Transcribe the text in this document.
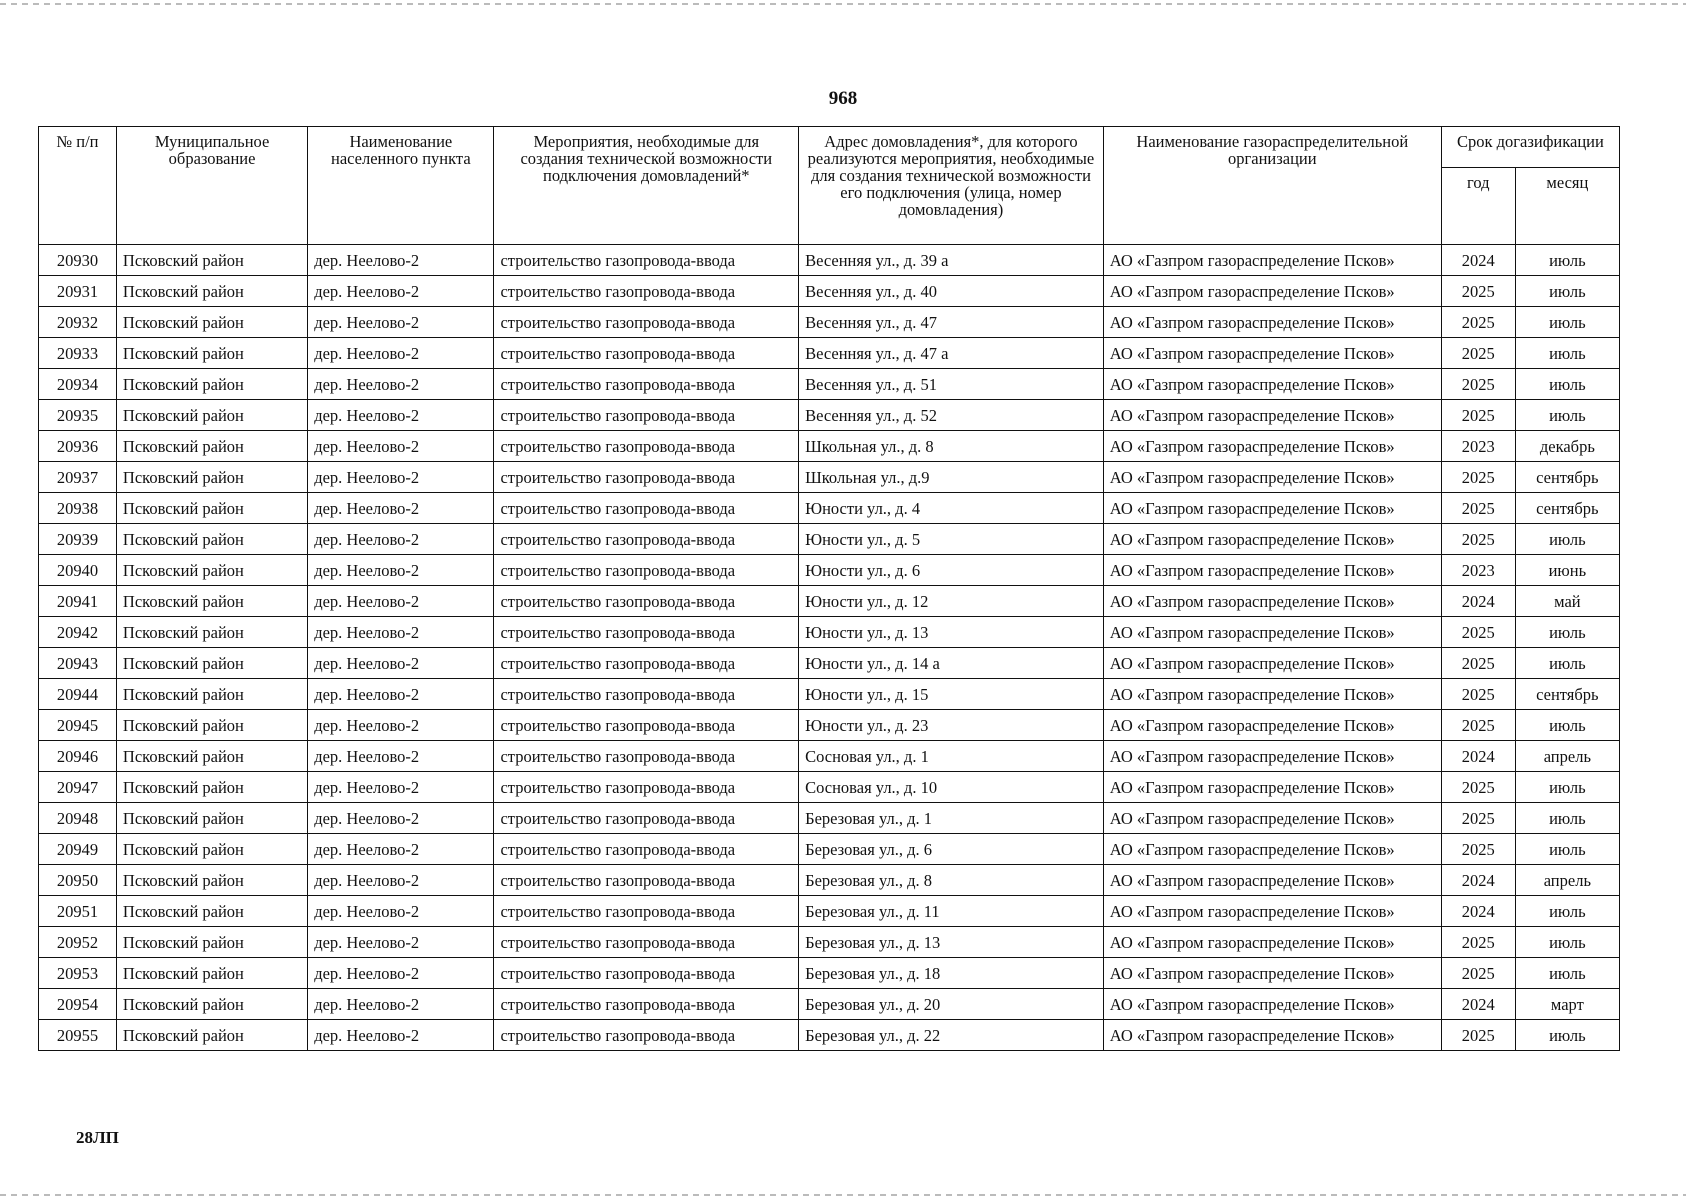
968
№ п/п	Муниципальное образование	Наименование населенного пункта	Мероприятия, необходимые для создания технической возможности подключения домовладений*	Адрес домовладения*, для которого реализуются мероприятия, необходимые для создания технической возможности его подключения (улица, номер домовладения)	Наименование газораспределительной организации	Срок догазификации	
						год	месяц
20930	Псковский район	дер. Неелово-2	строительство газопровода-ввода	Весенняя ул., д. 39 а	АО «Газпром газораспределение Псков»	2024	июль
20931	Псковский район	дер. Неелово-2	строительство газопровода-ввода	Весенняя ул., д. 40	АО «Газпром газораспределение Псков»	2025	июль
20932	Псковский район	дер. Неелово-2	строительство газопровода-ввода	Весенняя ул., д. 47	АО «Газпром газораспределение Псков»	2025	июль
20933	Псковский район	дер. Неелово-2	строительство газопровода-ввода	Весенняя ул., д. 47 а	АО «Газпром газораспределение Псков»	2025	июль
20934	Псковский район	дер. Неелово-2	строительство газопровода-ввода	Весенняя ул., д. 51	АО «Газпром газораспределение Псков»	2025	июль
20935	Псковский район	дер. Неелово-2	строительство газопровода-ввода	Весенняя ул., д. 52	АО «Газпром газораспределение Псков»	2025	июль
20936	Псковский район	дер. Неелово-2	строительство газопровода-ввода	Школьная ул., д. 8	АО «Газпром газораспределение Псков»	2023	декабрь
20937	Псковский район	дер. Неелово-2	строительство газопровода-ввода	Школьная ул., д.9	АО «Газпром газораспределение Псков»	2025	сентябрь
20938	Псковский район	дер. Неелово-2	строительство газопровода-ввода	Юности ул., д. 4	АО «Газпром газораспределение Псков»	2025	сентябрь
20939	Псковский район	дер. Неелово-2	строительство газопровода-ввода	Юности ул., д. 5	АО «Газпром газораспределение Псков»	2025	июль
20940	Псковский район	дер. Неелово-2	строительство газопровода-ввода	Юности ул., д. 6	АО «Газпром газораспределение Псков»	2023	июнь
20941	Псковский район	дер. Неелово-2	строительство газопровода-ввода	Юности ул., д. 12	АО «Газпром газораспределение Псков»	2024	май
20942	Псковский район	дер. Неелово-2	строительство газопровода-ввода	Юности ул., д. 13	АО «Газпром газораспределение Псков»	2025	июль
20943	Псковский район	дер. Неелово-2	строительство газопровода-ввода	Юности ул., д. 14 а	АО «Газпром газораспределение Псков»	2025	июль
20944	Псковский район	дер. Неелово-2	строительство газопровода-ввода	Юности ул., д. 15	АО «Газпром газораспределение Псков»	2025	сентябрь
20945	Псковский район	дер. Неелово-2	строительство газопровода-ввода	Юности ул., д. 23	АО «Газпром газораспределение Псков»	2025	июль
20946	Псковский район	дер. Неелово-2	строительство газопровода-ввода	Сосновая ул., д. 1	АО «Газпром газораспределение Псков»	2024	апрель
20947	Псковский район	дер. Неелово-2	строительство газопровода-ввода	Сосновая ул., д. 10	АО «Газпром газораспределение Псков»	2025	июль
20948	Псковский район	дер. Неелово-2	строительство газопровода-ввода	Березовая ул., д. 1	АО «Газпром газораспределение Псков»	2025	июль
20949	Псковский район	дер. Неелово-2	строительство газопровода-ввода	Березовая ул., д. 6	АО «Газпром газораспределение Псков»	2025	июль
20950	Псковский район	дер. Неелово-2	строительство газопровода-ввода	Березовая ул., д. 8	АО «Газпром газораспределение Псков»	2024	апрель
20951	Псковский район	дер. Неелово-2	строительство газопровода-ввода	Березовая ул., д. 11	АО «Газпром газораспределение Псков»	2024	июль
20952	Псковский район	дер. Неелово-2	строительство газопровода-ввода	Березовая ул., д. 13	АО «Газпром газораспределение Псков»	2025	июль
20953	Псковский район	дер. Неелово-2	строительство газопровода-ввода	Березовая ул., д. 18	АО «Газпром газораспределение Псков»	2025	июль
20954	Псковский район	дер. Неелово-2	строительство газопровода-ввода	Березовая ул., д. 20	АО «Газпром газораспределение Псков»	2024	март
20955	Псковский район	дер. Неелово-2	строительство газопровода-ввода	Березовая ул., д. 22	АО «Газпром газораспределение Псков»	2025	июль
28ЛП
